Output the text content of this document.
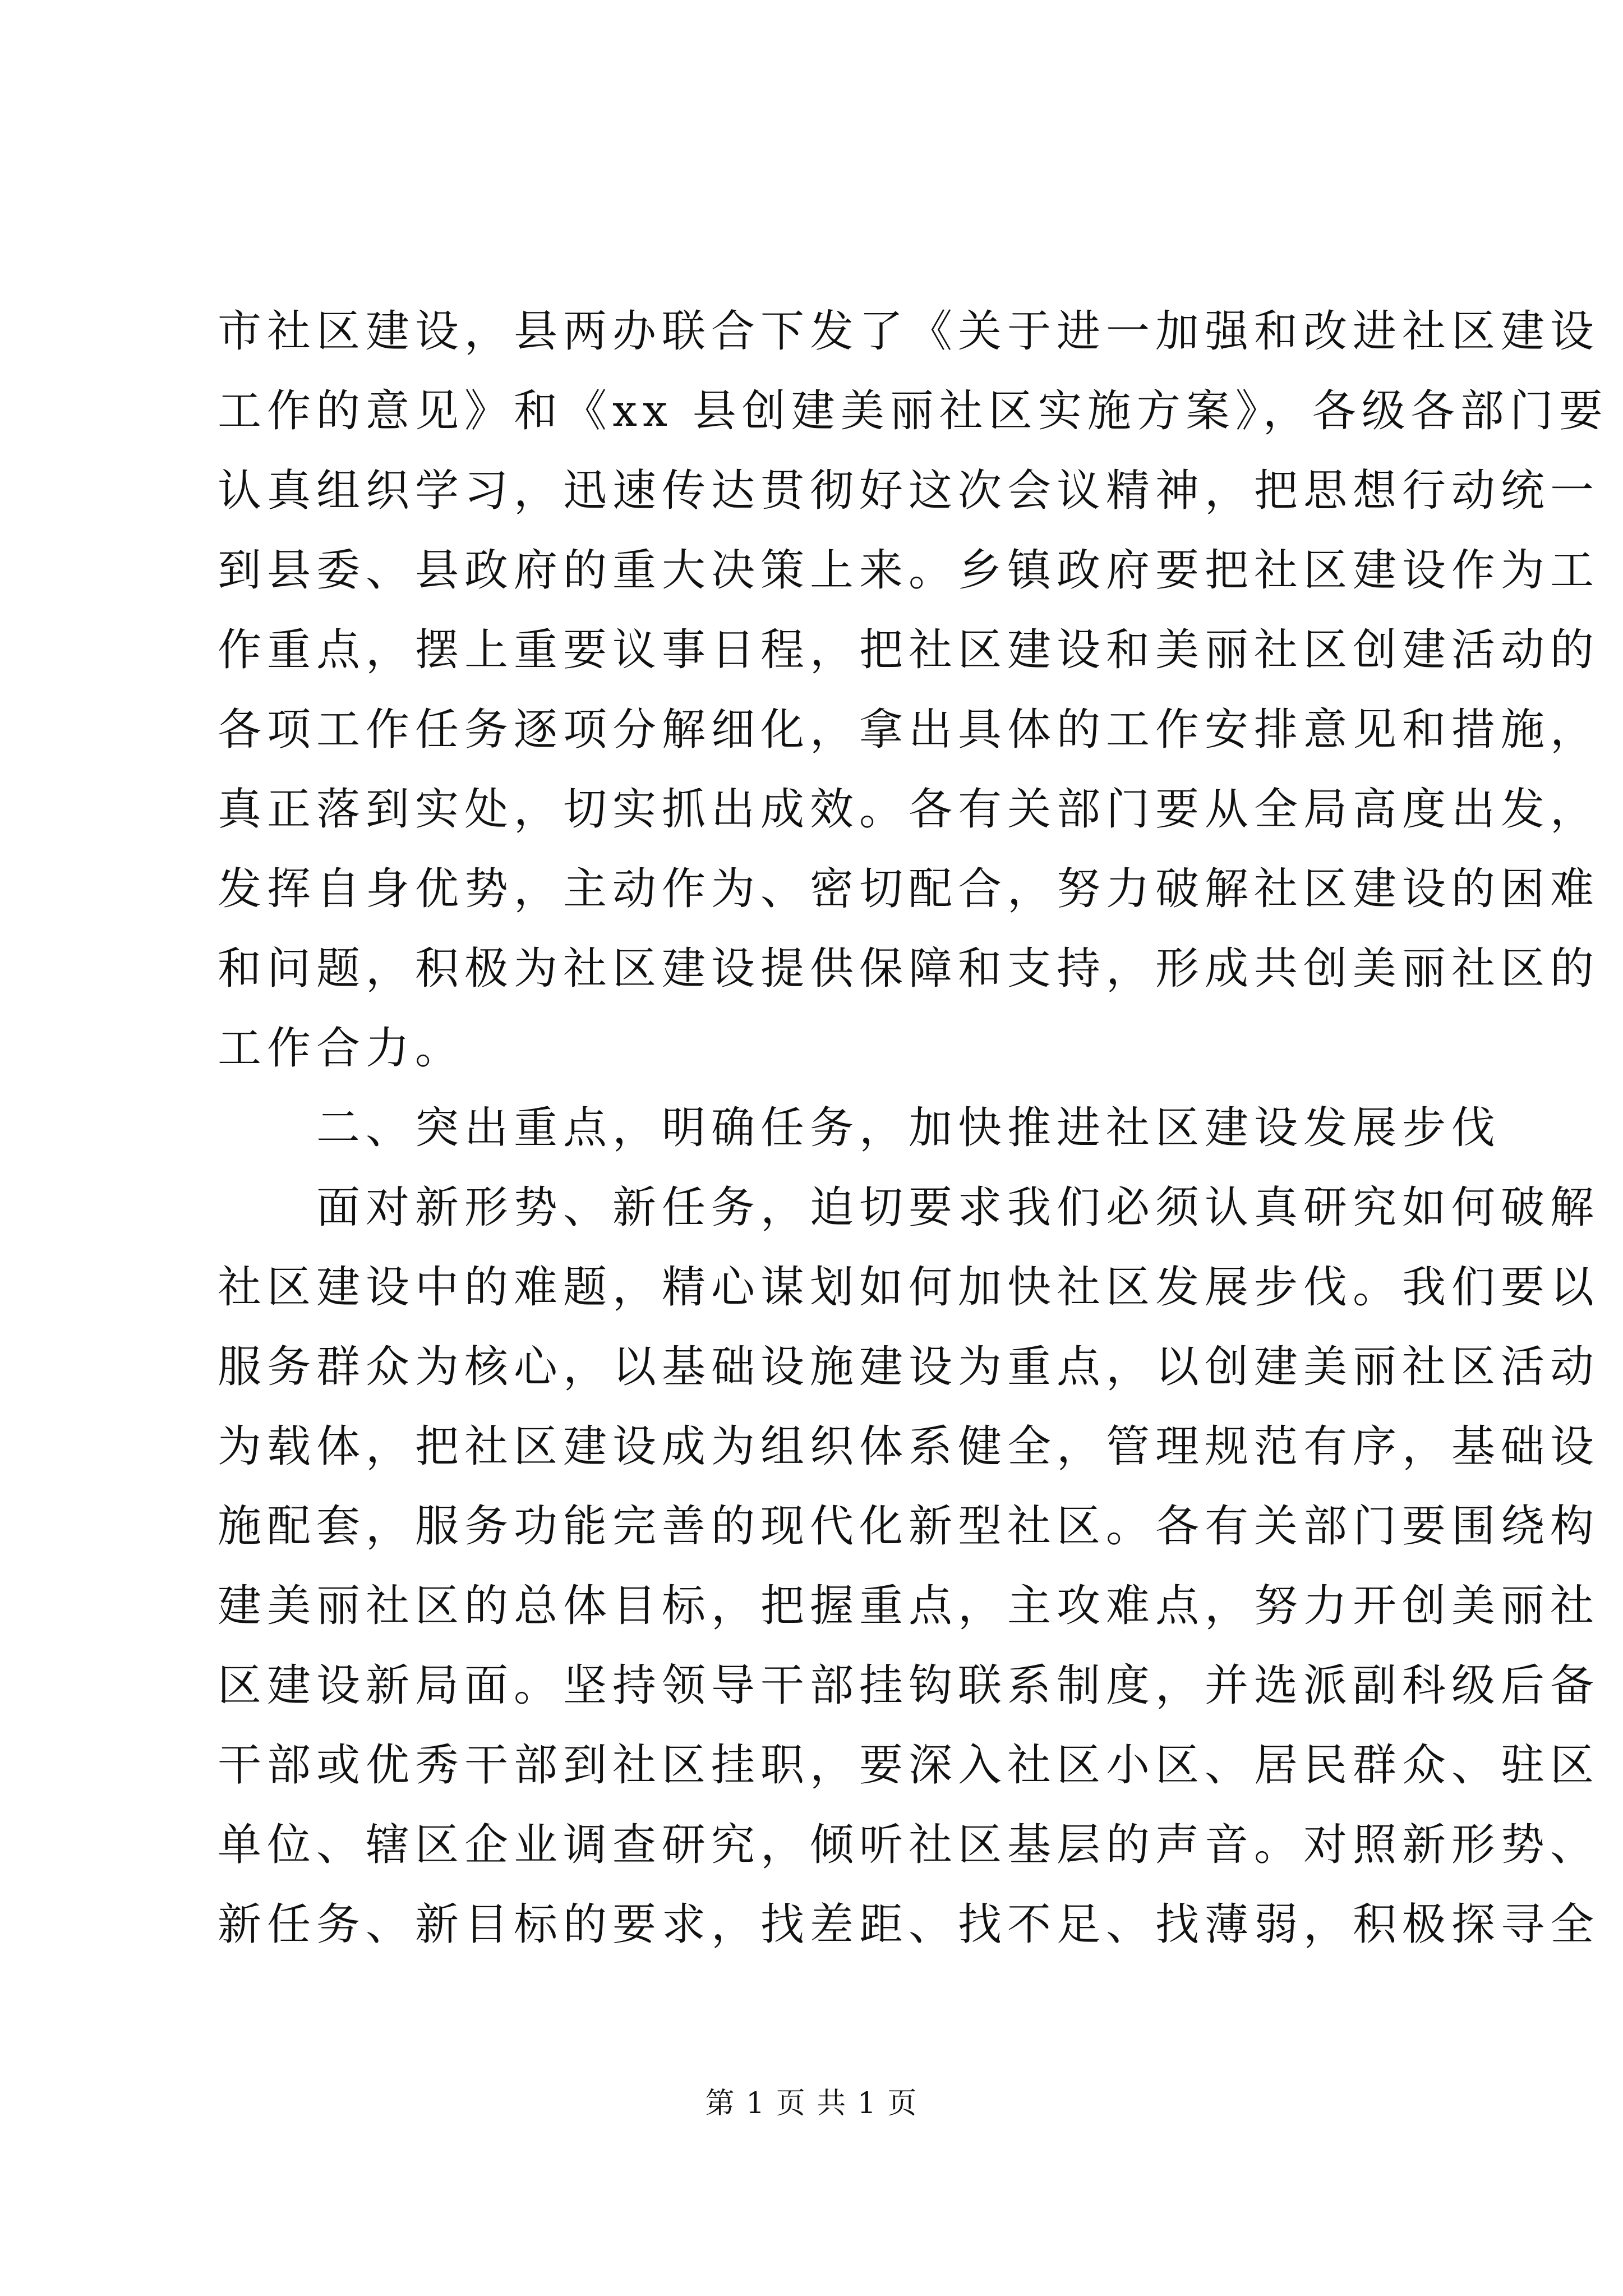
市社区建设，县两办联合下发了《关于进一加强和改进社区建设
工作的意见》和《xx 县创建美丽社区实施方案》，各级各部门要
认真组织学习，迅速传达贯彻好这次会议精神，把思想行动统一
到县委、县政府的重大决策上来。乡镇政府要把社区建设作为工
作重点，摆上重要议事日程，把社区建设和美丽社区创建活动的
各项工作任务逐项分解细化，拿出具体的工作安排意见和措施，
真正落到实处，切实抓出成效。各有关部门要从全局高度出发，
发挥自身优势，主动作为、密切配合，努力破解社区建设的困难
和问题，积极为社区建设提供保障和支持，形成共创美丽社区的
工作合力。
　　二、突出重点，明确任务，加快推进社区建设发展步伐
　　面对新形势、新任务，迫切要求我们必须认真研究如何破解
社区建设中的难题，精心谋划如何加快社区发展步伐。我们要以
服务群众为核心，以基础设施建设为重点，以创建美丽社区活动
为载体，把社区建设成为组织体系健全，管理规范有序，基础设
施配套，服务功能完善的现代化新型社区。各有关部门要围绕构
建美丽社区的总体目标，把握重点，主攻难点，努力开创美丽社
区建设新局面。坚持领导干部挂钩联系制度，并选派副科级后备
干部或优秀干部到社区挂职，要深入社区小区、居民群众、驻区
单位、辖区企业调查研究，倾听社区基层的声音。对照新形势、
新任务、新目标的要求，找差距、找不足、找薄弱，积极探寻全
第 1 页 共 1 页
